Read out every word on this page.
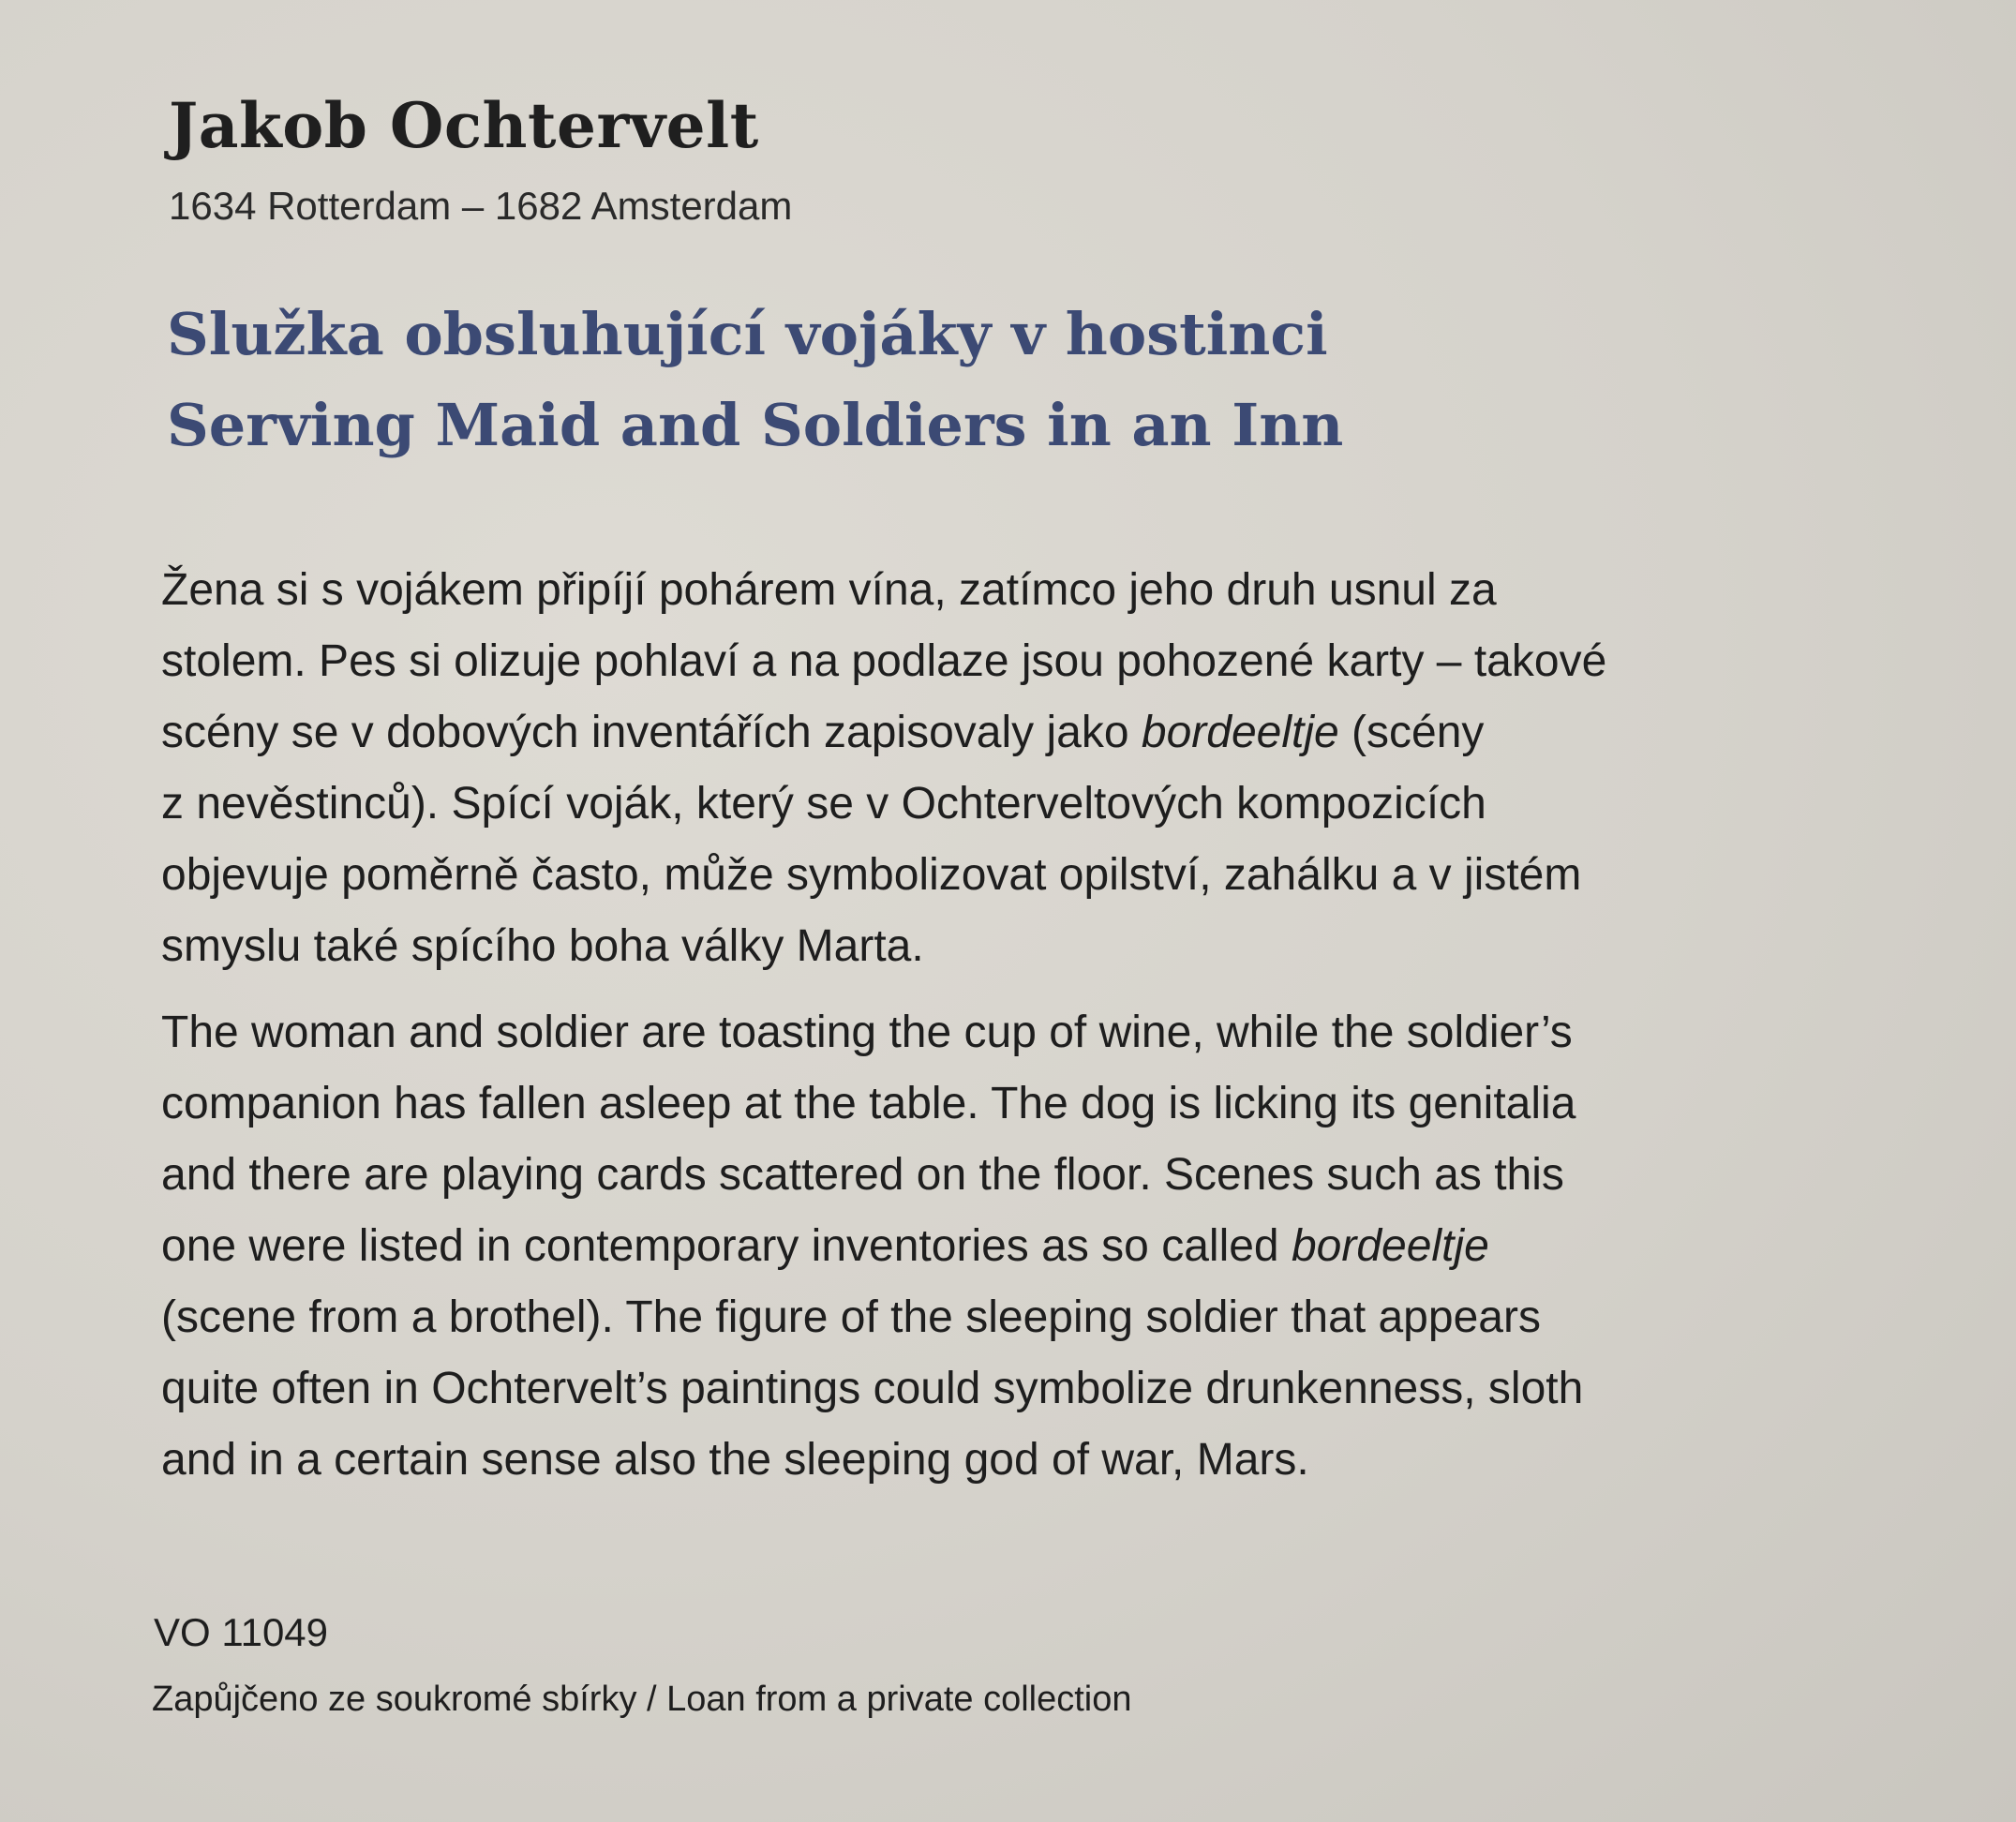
Jakob Ochtervelt

1634 Rotterdam – 1682 Amsterdam

Služka obsluhující vojáky v hostinci
Serving Maid and Soldiers in an Inn
Žena si s vojákem připíjí pohárem vína, zatímco jeho druh usnul za
stolem. Pes si olizuje pohlaví a na podlaze jsou pohozené karty – takové
scény se v dobových inventářích zapisovaly jako bordeeltje (scény
z nevěstinců). Spící voják, který se v Ochterveltových kompozicích
objevuje poměrně často, může symbolizovat opilství, zahálku a v jistém
smyslu také spícího boha války Marta.
The woman and soldier are toasting the cup of wine, while the soldier’s
companion has fallen asleep at the table. The dog is licking its genitalia
and there are playing cards scattered on the floor. Scenes such as this
one were listed in contemporary inventories as so called bordeeltje
(scene from a brothel). The figure of the sleeping soldier that appears
quite often in Ochtervelt’s paintings could symbolize drunkenness, sloth
and in a certain sense also the sleeping god of war, Mars.

VO 11049

Zapůjčeno ze soukromé sbírky / Loan from a private collection
